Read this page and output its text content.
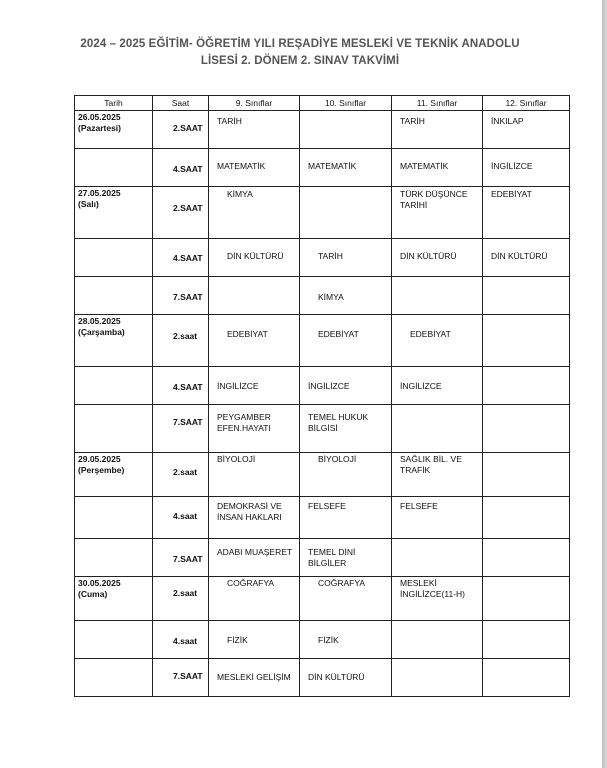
2024 – 2025 EĞİTİM- ÖĞRETİM YILI REŞADİYE MESLEKİ VE TEKNİK ANADOLU
LİSESİ 2. DÖNEM 2. SINAV TAKVİMİ
Tarih	Saat	9. Sınıflar	10. Sınıflar	11. Sınıflar	12. Sınıflar

26.05.2025
(Pazartesi)	2.SAAT	TARİH		TARİH	İNKILAP

	4.SAAT	MATEMATİK	MATEMATİK	MATEMATİK	İNGİLİZCE

27.05.2025
(Salı)	2.SAAT	KİMYA		TÜRK DÜŞÜNCE TARİHİ	EDEBİYAT

	4.SAAT	DİN KÜLTÜRÜ	TARİH	DİN KÜLTÜRÜ	DİN KÜLTÜRÜ

	7.SAAT		KİMYA		

28.05.2025
(Çarşamba)	2.saat	EDEBİYAT	EDEBİYAT	EDEBİYAT	

	4.SAAT	İNGİLİZCE	İNGİLİZCE	İNGİLİZCE	

	7.SAAT	PEYGAMBER EFEN.HAYATI	TEMEL HUKUK BİLGİSİ		

29.05.2025
(Perşembe)	2.saat	BİYOLOJİ	BİYOLOJİ	SAĞLIK BİL. VE TRAFİK	

	4.saat	DEMOKRASİ VE İNSAN HAKLARI	FELSEFE	FELSEFE	

	7.SAAT	ADABI MUAŞERET	TEMEL DİNİ BİLGİLER		

30.05.2025
(Cuma)	2.saat	COĞRAFYA	COĞRAFYA	MESLEKİ İNGİLİZCE(11-H)	

	4.saat	FİZİK	FİZİK		

	7.SAAT	MESLEKİ GELİŞİM	DİN KÜLTÜRÜ		
